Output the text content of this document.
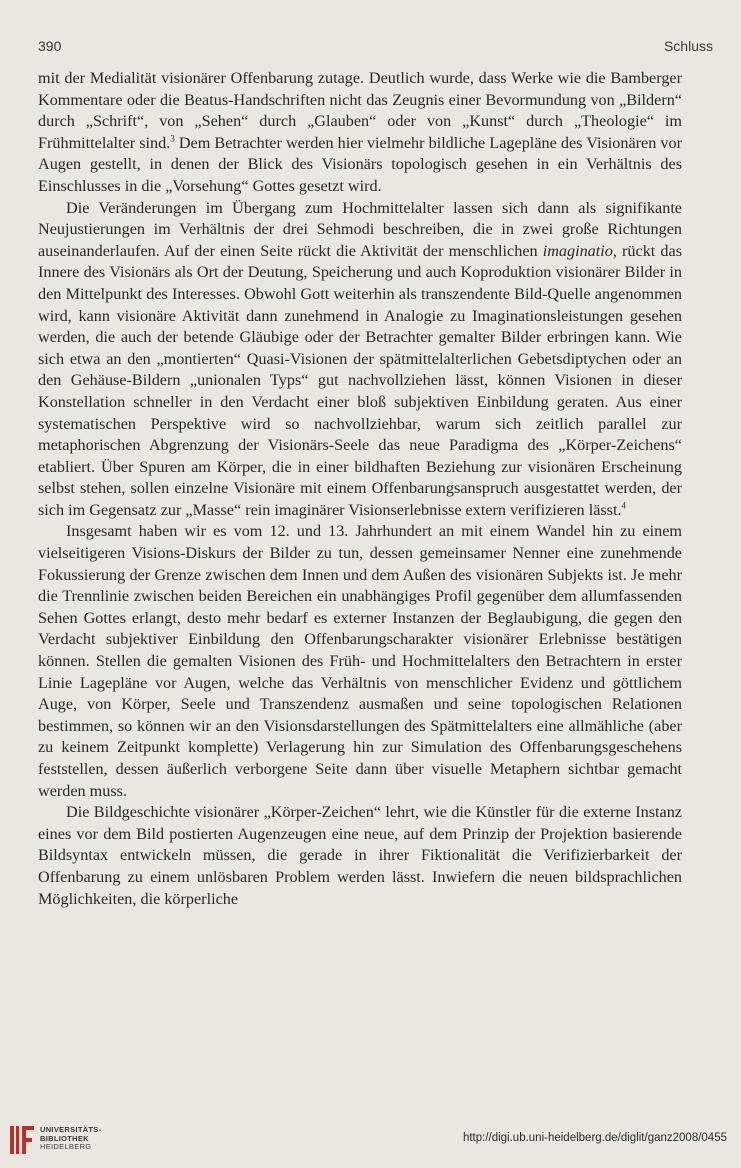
390	Schluss

mit der Medialität visionärer Offenbarung zutage. Deutlich wurde, dass Werke wie die Bamberger Kommentare oder die Beatus-Handschriften nicht das Zeugnis einer Bevormundung von „Bildern“ durch „Schrift“, von „Sehen“ durch „Glauben“ oder von „Kunst“ durch „Theologie“ im Frühmittelalter sind.$^3$ Dem Betrachter werden hier vielmehr bildliche Lagepläne des Visionären vor Augen gestellt, in denen der Blick des Visionärs topologisch gesehen in ein Verhältnis des Einschlusses in die „Vorsehung“ Gottes gesetzt wird.

Die Veränderungen im Übergang zum Hochmittelalter lassen sich dann als signifikante Neujustierungen im Verhältnis der drei Sehmodi beschreiben, die in zwei große Richtungen auseinanderlaufen. Auf der einen Seite rückt die Aktivität der menschlichen imaginatio, rückt das Innere des Visionärs als Ort der Deutung, Speicherung und auch Koproduktion visionärer Bilder in den Mittelpunkt des Interesses. Obwohl Gott weiterhin als transzendente Bild-Quelle angenommen wird, kann visionäre Aktivität dann zunehmend in Analogie zu Imaginationsleistungen gesehen werden, die auch der betende Gläubige oder der Betrachter gemalter Bilder erbringen kann. Wie sich etwa an den „montierten“ Quasi-Visionen der spätmittelalterlichen Gebetsdiptychen oder an den Gehäuse-Bildern „unionalen Typs“ gut nachvollziehen lässt, können Visionen in dieser Konstellation schneller in den Verdacht einer bloß subjektiven Einbildung geraten. Aus einer systematischen Perspektive wird so nachvollziehbar, warum sich zeitlich parallel zur metaphorischen Abgrenzung der Visionärs-Seele das neue Paradigma des „Körper-Zeichens“ etabliert. Über Spuren am Körper, die in einer bildhaften Beziehung zur visionären Erscheinung selbst stehen, sollen einzelne Visionäre mit einem Offenbarungsanspruch ausgestattet werden, der sich im Gegensatz zur „Masse“ rein imaginärer Visionserlebnisse extern verifizieren lässt.$^4$

Insgesamt haben wir es vom 12. und 13. Jahrhundert an mit einem Wandel hin zu einem vielseitigeren Visions-Diskurs der Bilder zu tun, dessen gemeinsamer Nenner eine zunehmende Fokussierung der Grenze zwischen dem Innen und dem Außen des visionären Subjekts ist. Je mehr die Trennlinie zwischen beiden Bereichen ein unabhängiges Profil gegenüber dem allumfassenden Sehen Gottes erlangt, desto mehr bedarf es externer Instanzen der Beglaubigung, die gegen den Verdacht subjektiver Einbildung den Offenbarungscharakter visionärer Erlebnisse bestätigen können. Stellen die gemalten Visionen des Früh- und Hochmittelalters den Betrachtern in erster Linie Lagepläne vor Augen, welche das Verhältnis von menschlicher Evidenz und göttlichem Auge, von Körper, Seele und Transzendenz ausmaßen und seine topologischen Relationen bestimmen, so können wir an den Visionsdarstellungen des Spätmittelalters eine allmähliche (aber zu keinem Zeitpunkt komplette) Verlagerung hin zur Simulation des Offenbarungsgeschehens feststellen, dessen äußerlich verborgene Seite dann über visuelle Metaphern sichtbar gemacht werden muss.

Die Bildgeschichte visionärer „Körper-Zeichen“ lehrt, wie die Künstler für die externe Instanz eines vor dem Bild postierten Augenzeugen eine neue, auf dem Prinzip der Projektion basierende Bildsyntax entwickeln müssen, die gerade in ihrer Fiktionalität die Verifizierbarkeit der Offenbarung zu einem unlösbaren Problem werden lässt. Inwiefern die neuen bildsprachlichen Möglichkeiten, die körperliche

UNIVERSITÄTS-
BIBLIOTHEK
HEIDELBERG
http://digi.ub.uni-heidelberg.de/diglit/ganz2008/0455
